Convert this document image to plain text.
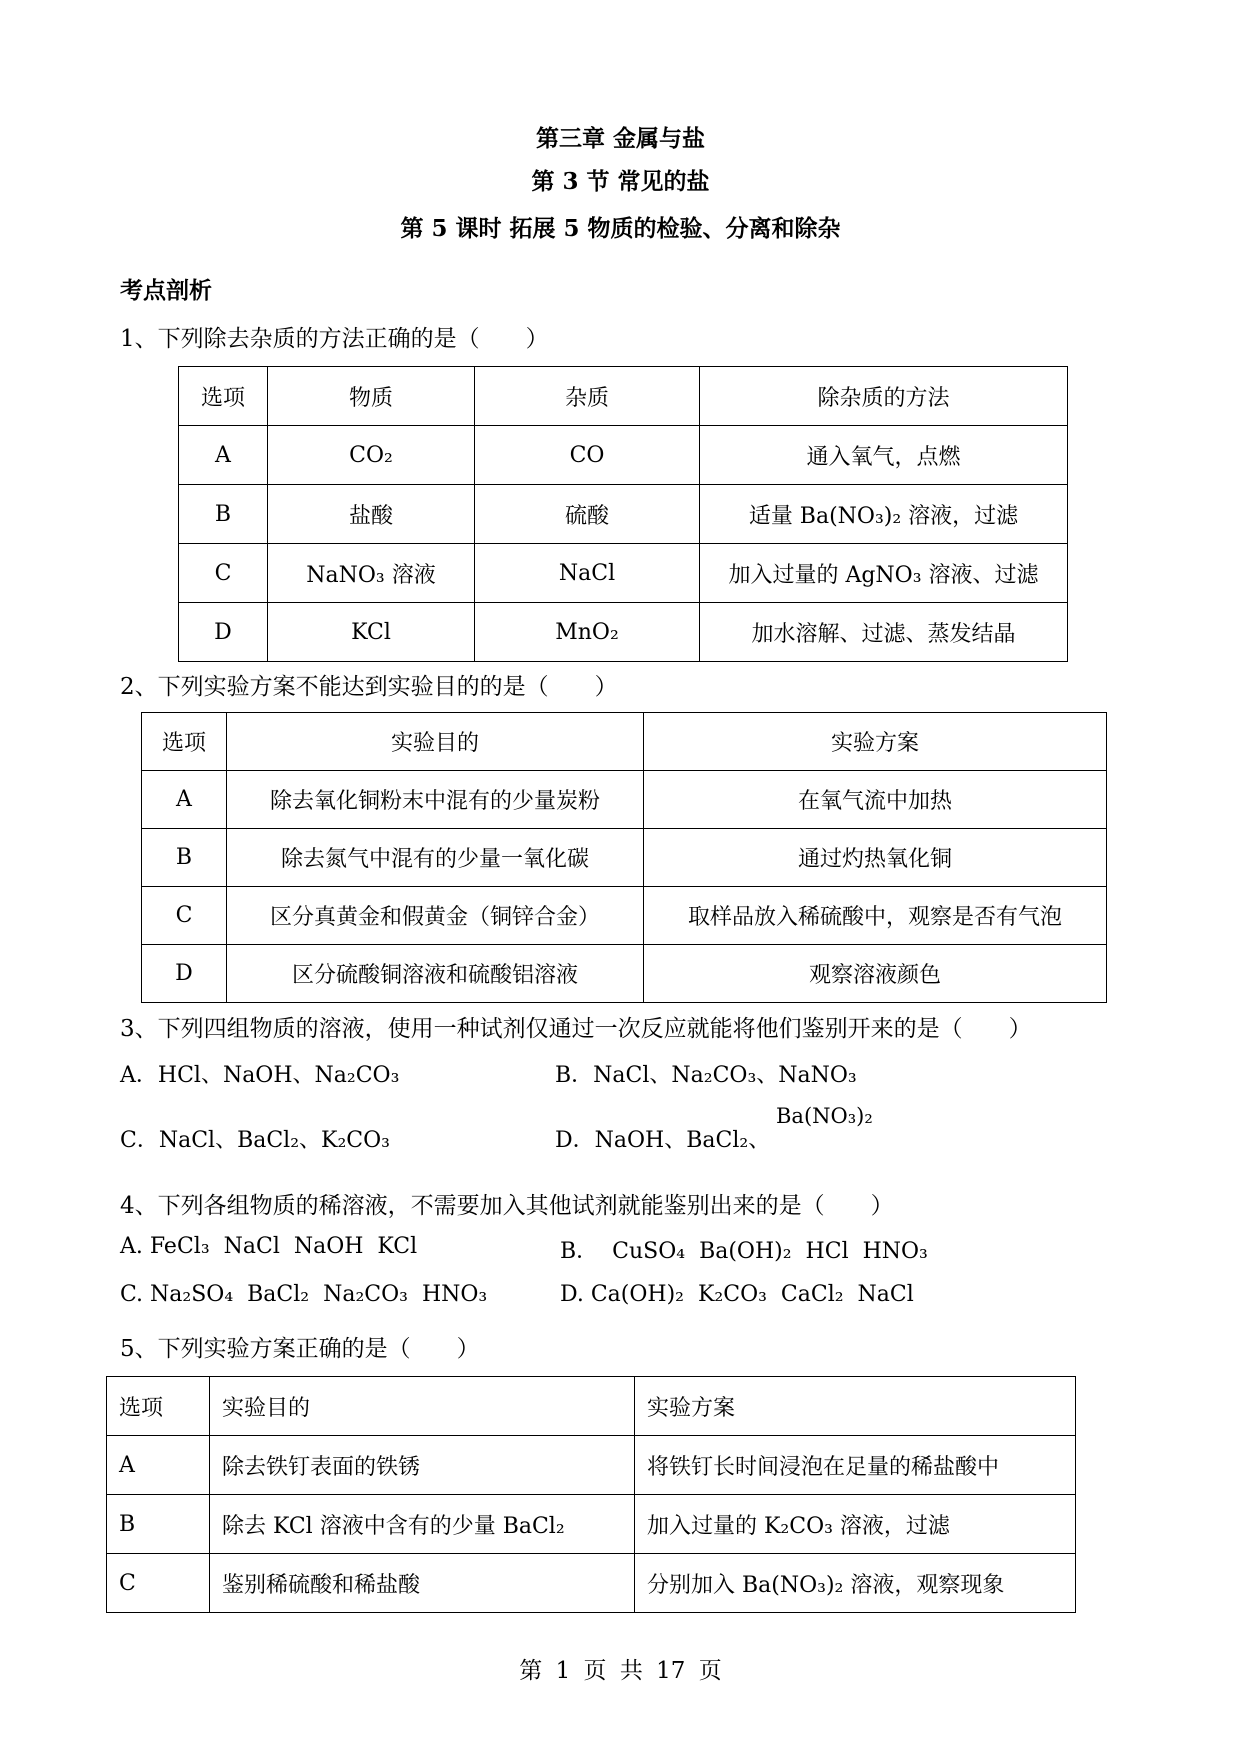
第三章 金属与盐
第 3 节 常见的盐
第 5 课时 拓展 5 物质的检验、分离和除杂
考点剖析
1、下列除去杂质的方法正确的是（　　）
选项	物质	杂质	除杂质的方法
A	CO₂	CO	通入氧气，点燃
B	盐酸	硫酸	适量 Ba(NO₃)₂ 溶液，过滤
C	NaNO₃ 溶液	NaCl	加入过量的 AgNO₃ 溶液、过滤
D	KCl	MnO₂	加水溶解、过滤、蒸发结晶
2、下列实验方案不能达到实验目的的是（　　）
选项	实验目的	实验方案
A	除去氧化铜粉末中混有的少量炭粉	在氧气流中加热
B	除去氮气中混有的少量一氧化碳	通过灼热氧化铜
C	区分真黄金和假黄金（铜锌合金）	取样品放入稀硫酸中，观察是否有气泡
D	区分硫酸铜溶液和硫酸铝溶液	观察溶液颜色
3、下列四组物质的溶液，使用一种试剂仅通过一次反应就能将他们鉴别开来的是（　　）
A．HCl、NaOH、Na₂CO₃	B．NaCl、Na₂CO₃、NaNO₃
C．NaCl、BaCl₂、K₂CO₃	D．NaOH、BaCl₂、
Ba(NO₃)₂
4、下列各组物质的稀溶液，不需要加入其他试剂就能鉴别出来的是（　　）
A. FeCl₃  NaCl  NaOH  KCl	B．  CuSO₄  Ba(OH)₂  HCl  HNO₃
C. Na₂SO₄  BaCl₂  Na₂CO₃  HNO₃	D. Ca(OH)₂  K₂CO₃  CaCl₂  NaCl
5、下列实验方案正确的是（　　）
选项	实验目的	实验方案
A	除去铁钉表面的铁锈	将铁钉长时间浸泡在足量的稀盐酸中
B	除去 KCl 溶液中含有的少量 BaCl₂	加入过量的 K₂CO₃ 溶液，过滤
C	鉴别稀硫酸和稀盐酸	分别加入 Ba(NO₃)₂ 溶液，观察现象
第 1 页 共 17 页
